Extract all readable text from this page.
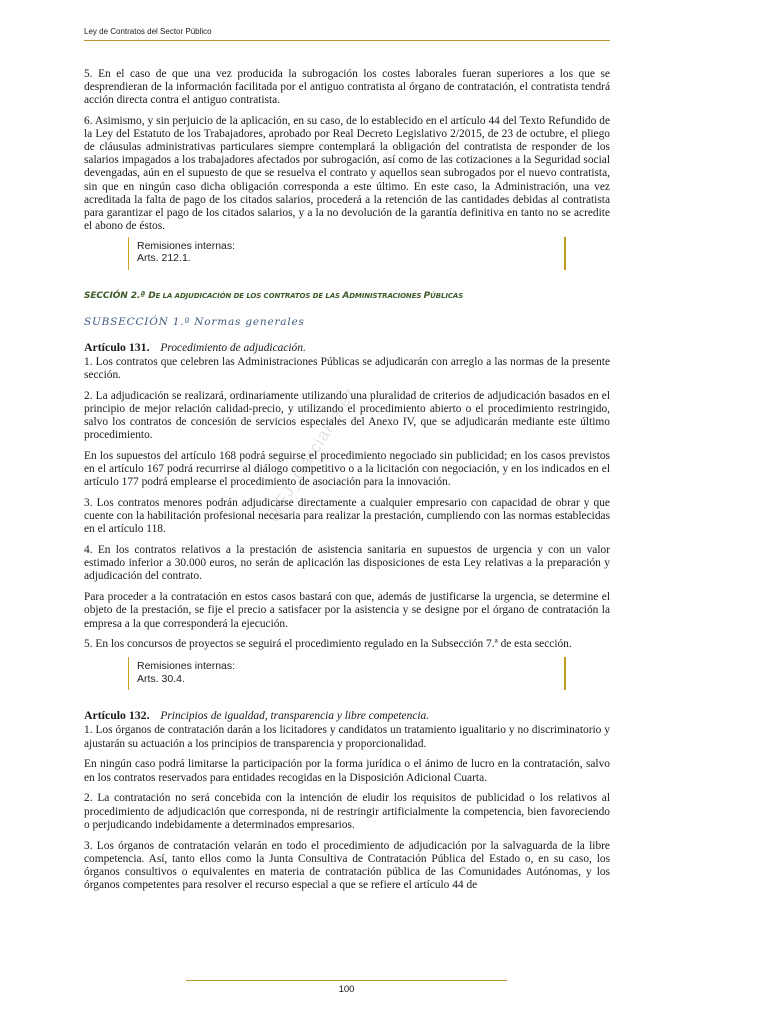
Ley de Contratos del Sector Público
@FJ_GarciaPerez

5. En el caso de que una vez producida la subrogación los costes laborales fueran superiores a los que se desprendieran de la información facilitada por el antiguo contratista al órgano de contratación, el contratista tendrá acción directa contra el antiguo contratista.

6. Asimismo, y sin perjuicio de la aplicación, en su caso, de lo establecido en el artículo 44 del Texto Refundido de la Ley del Estatuto de los Trabajadores, aprobado por Real Decreto Legislativo 2/2015, de 23 de octubre, el pliego de cláusulas administrativas particulares siempre contemplará la obligación del contratista de responder de los salarios impagados a los trabajadores afectados por subrogación, así como de las cotizaciones a la Seguridad social devengadas, aún en el supuesto de que se resuelva el contrato y aquellos sean subrogados por el nuevo contratista, sin que en ningún caso dicha obligación corresponda a este último. En este caso, la Administración, una vez acreditada la falta de pago de los citados salarios, procederá a la retención de las cantidades debidas al contratista para garantizar el pago de los citados salarios, y a la no devolución de la garantía definitiva en tanto no se acredite el abono de éstos.

Remisiones internas:
Arts. 212.1.
SECCIÓN 2.ª DE LA ADJUDICACIÓN DE LOS CONTRATOS DE LAS ADMINISTRACIONES PÚBLICAS
SUBSECCIÓN 1.ª Normas generales
Artículo 131. Procedimiento de adjudicación.

1. Los contratos que celebren las Administraciones Públicas se adjudicarán con arreglo a las normas de la presente sección.

2. La adjudicación se realizará, ordinariamente utilizando una pluralidad de criterios de adjudicación basados en el principio de mejor relación calidad-precio, y utilizando el procedimiento abierto o el procedimiento restringido, salvo los contratos de concesión de servicios especiales del Anexo IV, que se adjudicarán mediante este último procedimiento.

En los supuestos del artículo 168 podrá seguirse el procedimiento negociado sin publicidad; en los casos previstos en el artículo 167 podrá recurrirse al diálogo competitivo o a la licitación con negociación, y en los indicados en el artículo 177 podrá emplearse el procedimiento de asociación para la innovación.

3. Los contratos menores podrán adjudicarse directamente a cualquier empresario con capacidad de obrar y que cuente con la habilitación profesional necesaria para realizar la prestación, cumpliendo con las normas establecidas en el artículo 118.

4. En los contratos relativos a la prestación de asistencia sanitaria en supuestos de urgencia y con un valor estimado inferior a 30.000 euros, no serán de aplicación las disposiciones de esta Ley relativas a la preparación y adjudicación del contrato.

Para proceder a la contratación en estos casos bastará con que, además de justificarse la urgencia, se determine el objeto de la prestación, se fije el precio a satisfacer por la asistencia y se designe por el órgano de contratación la empresa a la que corresponderá la ejecución.

5. En los concursos de proyectos se seguirá el procedimiento regulado en la Subsección 7.ª de esta sección.

Remisiones internas:
Arts. 30.4.
Artículo 132. Principios de igualdad, transparencia y libre competencia.

1. Los órganos de contratación darán a los licitadores y candidatos un tratamiento igualitario y no discriminatorio y ajustarán su actuación a los principios de transparencia y proporcionalidad.

En ningún caso podrá limitarse la participación por la forma jurídica o el ánimo de lucro en la contratación, salvo en los contratos reservados para entidades recogidas en la Disposición Adicional Cuarta.

2. La contratación no será concebida con la intención de eludir los requisitos de publicidad o los relativos al procedimiento de adjudicación que corresponda, ni de restringir artificialmente la competencia, bien favoreciendo o perjudicando indebidamente a determinados empresarios.

3. Los órganos de contratación velarán en todo el procedimiento de adjudicación por la salvaguarda de la libre competencia. Así, tanto ellos como la Junta Consultiva de Contratación Pública del Estado o, en su caso, los órganos consultivos o equivalentes en materia de contratación pública de las Comunidades Autónomas, y los órganos competentes para resolver el recurso especial a que se refiere el artículo 44 de

100
